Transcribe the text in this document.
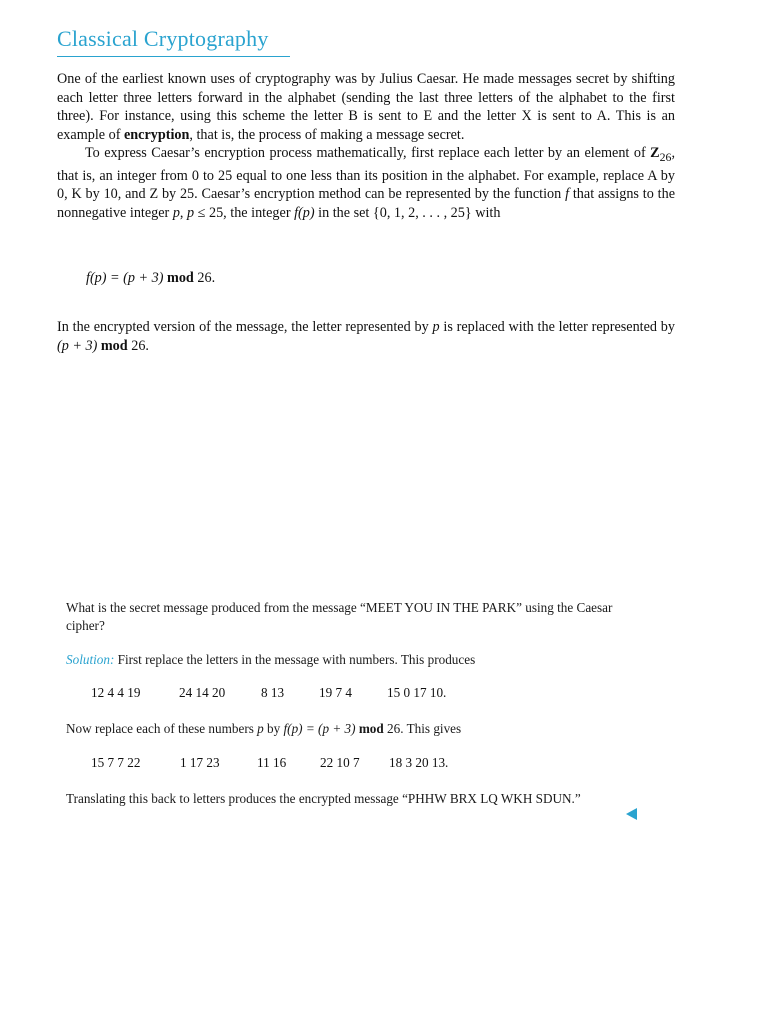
Classical Cryptography
One of the earliest known uses of cryptography was by Julius Caesar. He made messages secret by shifting each letter three letters forward in the alphabet (sending the last three letters of the alphabet to the first three). For instance, using this scheme the letter B is sent to E and the letter X is sent to A. This is an example of encryption, that is, the process of making a message secret.
To express Caesar’s encryption process mathematically, first replace each letter by an element of $Z_{26}$, that is, an integer from 0 to 25 equal to one less than its position in the alphabet. For example, replace A by 0, K by 10, and Z by 25. Caesar’s encryption method can be represented by the function f that assigns to the nonnegative integer p, p ≤ 25, the integer f(p) in the set {0, 1, 2, . . . , 25} with
f(p) = (p + 3) mod 26.
In the encrypted version of the message, the letter represented by p is replaced with the letter represented by (p + 3) mod 26.
What is the secret message produced from the message “MEET YOU IN THE PARK” using the Caesar cipher?
Solution: First replace the letters in the message with numbers. This produces
12 4 4 19	24 14 20	8 13	19 7 4	15 0 17 10.
Now replace each of these numbers p by f(p) = (p + 3) mod 26. This gives
15 7 7 22	1 17 23	11 16	22 10 7 18 3 20 13.
Translating this back to letters produces the encrypted message “PHHW BRX LQ WKH SDUN.”
